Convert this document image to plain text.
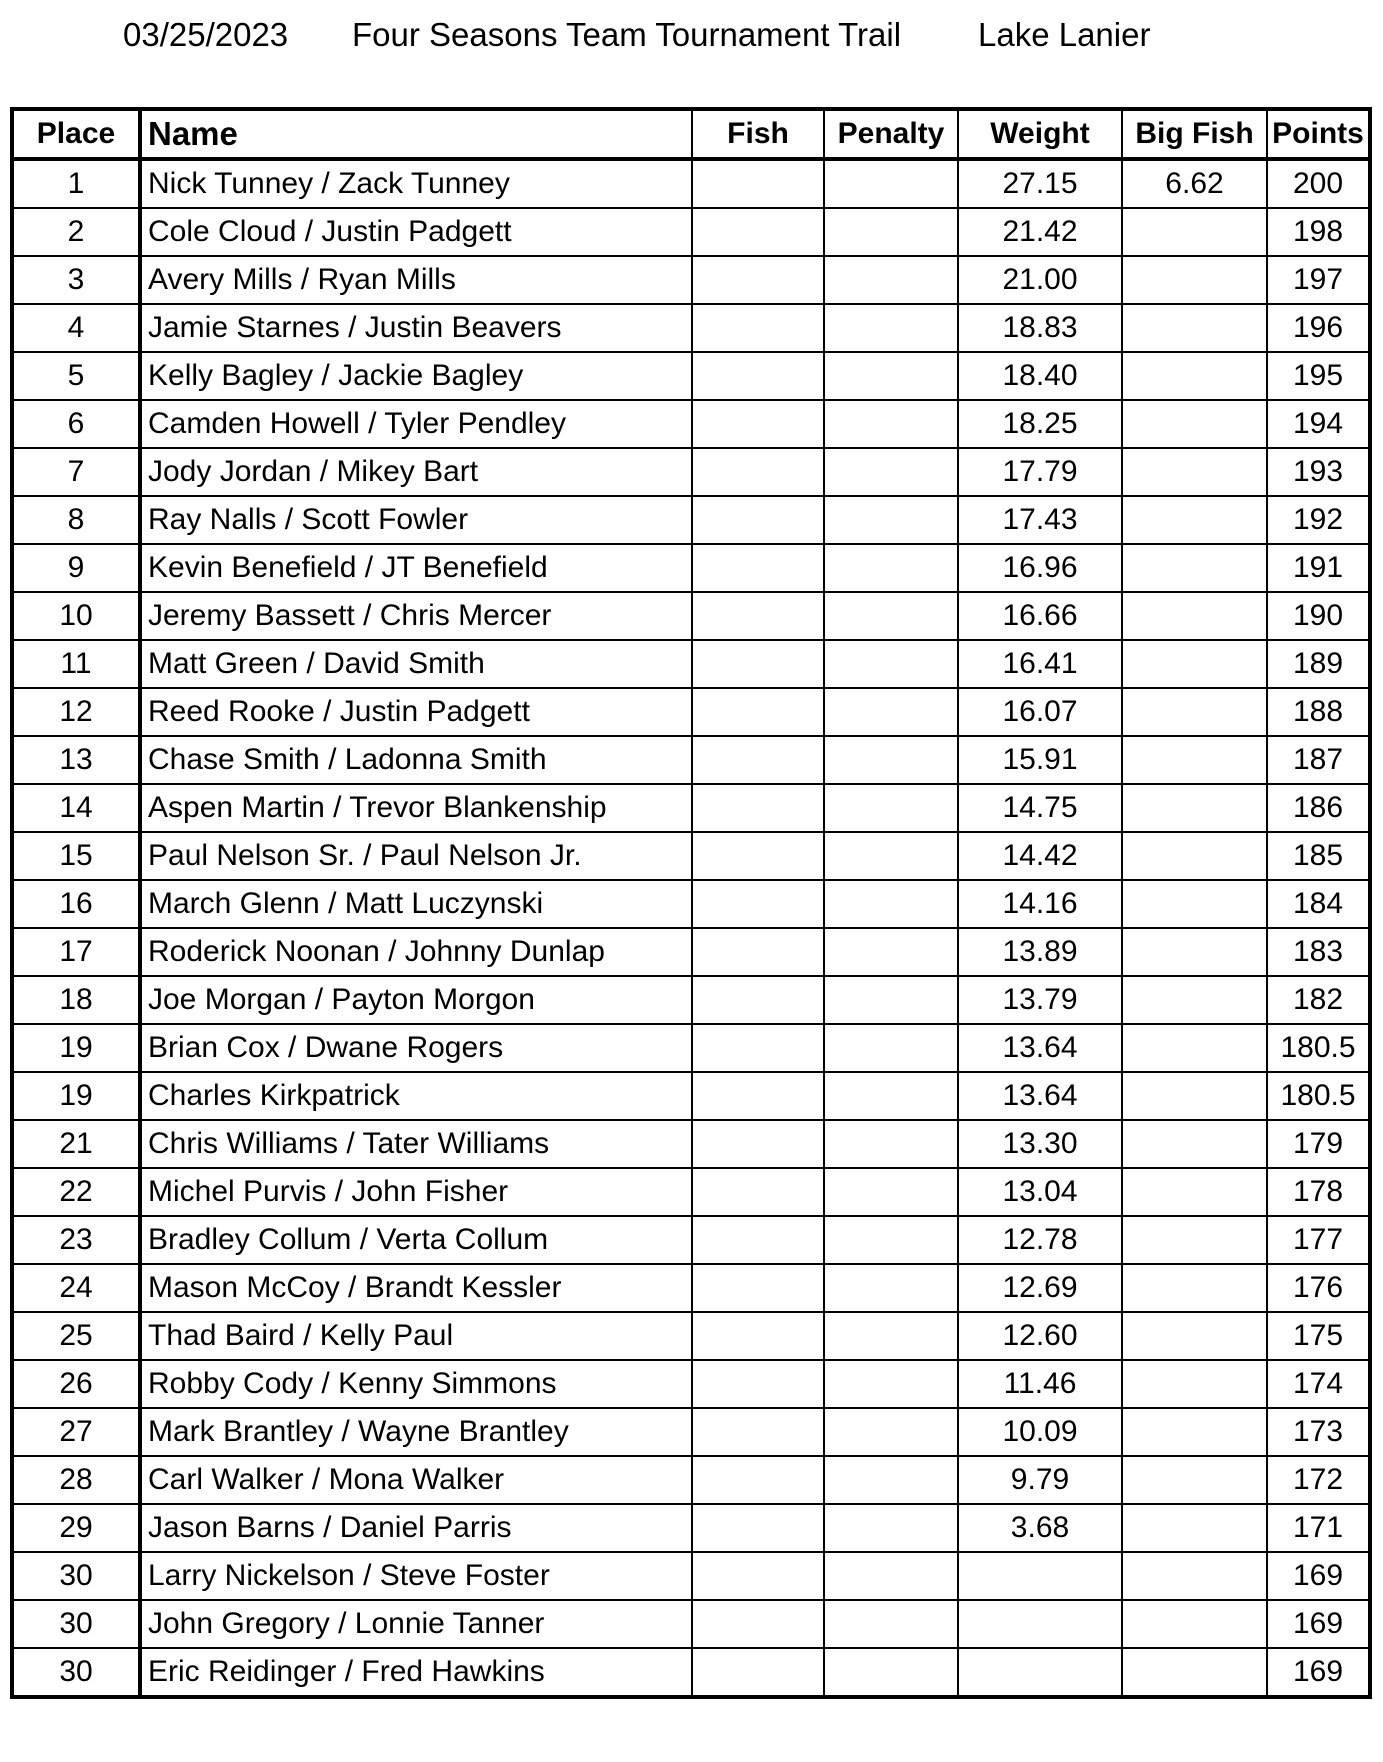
03/25/2023 Four Seasons Team Tournament Trail Lake Lanier
Place	Name	Fish	Penalty	Weight	Big Fish	Points
1	Nick Tunney / Zack Tunney			27.15	6.62	200
2	Cole Cloud / Justin Padgett			21.42		198
3	Avery Mills / Ryan Mills			21.00		197
4	Jamie Starnes / Justin Beavers			18.83		196
5	Kelly Bagley / Jackie Bagley			18.40		195
6	Camden Howell / Tyler Pendley			18.25		194
7	Jody Jordan / Mikey Bart			17.79		193
8	Ray Nalls / Scott Fowler			17.43		192
9	Kevin Benefield / JT Benefield			16.96		191
10	Jeremy Bassett / Chris Mercer			16.66		190
11	Matt Green / David Smith			16.41		189
12	Reed Rooke / Justin Padgett			16.07		188
13	Chase Smith / Ladonna Smith			15.91		187
14	Aspen Martin / Trevor Blankenship			14.75		186
15	Paul Nelson Sr. / Paul Nelson Jr.			14.42		185
16	March Glenn / Matt Luczynski			14.16		184
17	Roderick Noonan / Johnny Dunlap			13.89		183
18	Joe Morgan / Payton Morgon			13.79		182
19	Brian Cox / Dwane Rogers			13.64		180.5
19	Charles Kirkpatrick			13.64		180.5
21	Chris Williams / Tater Williams			13.30		179
22	Michel Purvis / John Fisher			13.04		178
23	Bradley Collum / Verta Collum			12.78		177
24	Mason McCoy / Brandt Kessler			12.69		176
25	Thad Baird / Kelly Paul			12.60		175
26	Robby Cody / Kenny Simmons			11.46		174
27	Mark Brantley / Wayne Brantley			10.09		173
28	Carl Walker / Mona Walker			9.79		172
29	Jason Barns / Daniel Parris			3.68		171
30	Larry Nickelson / Steve Foster					169
30	John Gregory / Lonnie Tanner					169
30	Eric Reidinger / Fred Hawkins					169
